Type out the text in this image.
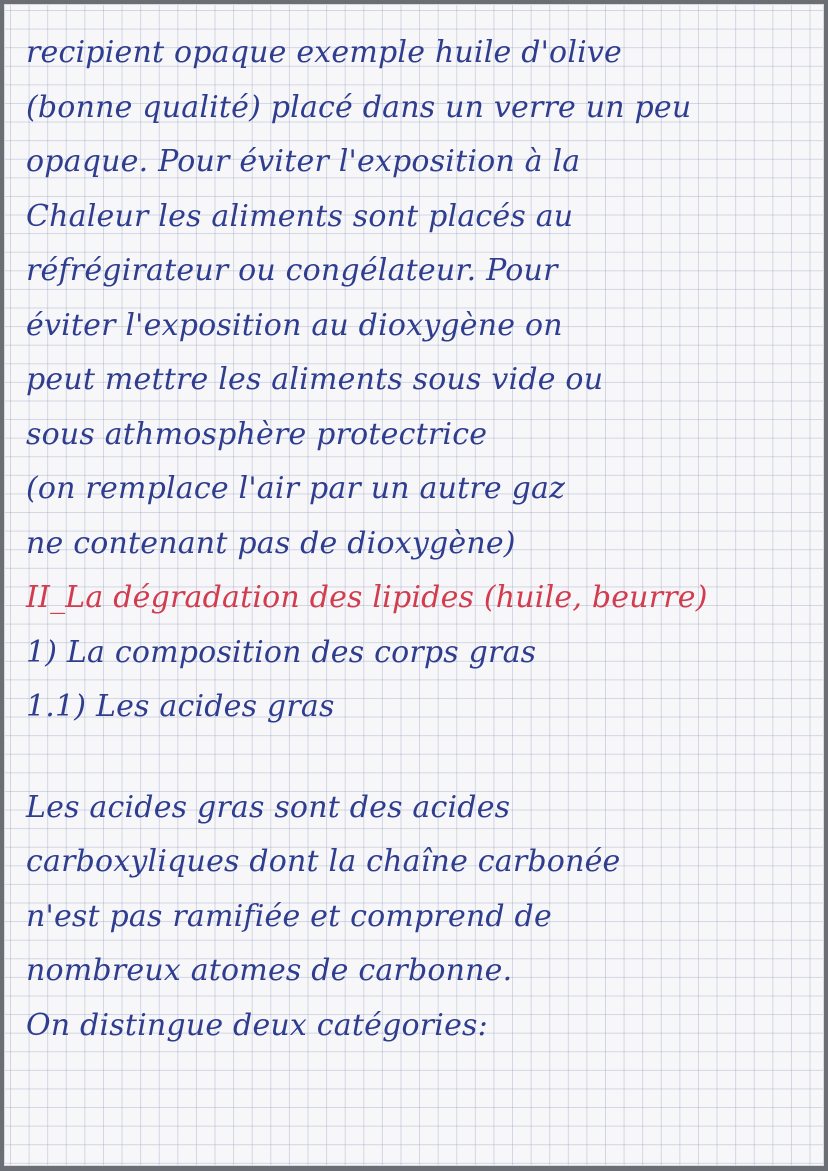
recipient opaque exemple huile d'olive
(bonne qualité) placé dans un verre un peu
opaque. Pour éviter l'exposition à la
Chaleur les aliments sont placés au
réfrégirateur ou congélateur. Pour
éviter l'exposition au dioxygène on
peut mettre les aliments sous vide ou
sous athmosphère protectrice
(on remplace l'air par un autre gaz
ne contenant pas de dioxygène)
II_La dégradation des lipides (huile, beurre)
1) La composition des corps gras
1.1) Les acides gras
Les acides gras sont des acides
carboxyliques dont la chaîne carbonée
n'est pas ramifiée et comprend de
nombreux atomes de carbonne.
On distingue deux catégories:
